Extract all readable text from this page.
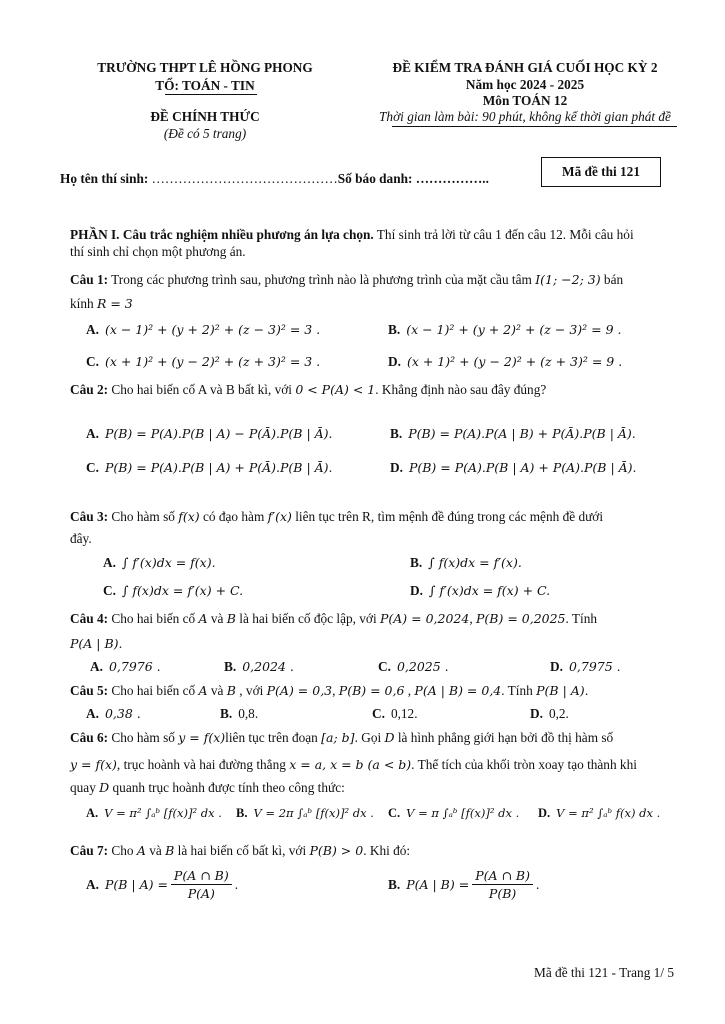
TRƯỜNG THPT LÊ HỒNG PHONG
TỔ: TOÁN - TIN
ĐỀ CHÍNH THỨC
(Đề có 5 trang)
ĐỀ KIỂM TRA ĐÁNH GIÁ CUỐI HỌC KỲ 2
Năm học 2024 - 2025
Môn TOÁN 12
Thời gian làm bài: 90 phút, không kể thời gian phát đề
Họ tên thí sinh: ……………………………………Số báo danh: ……………..	Mã đề thi 121
PHẦN I. Câu trắc nghiệm nhiều phương án lựa chọn. Thí sinh trả lời từ câu 1 đến câu 12. Mỗi câu hỏi
thí sinh chỉ chọn một phương án.
Câu 1: Trong các phương trình sau, phương trình nào là phương trình của mặt cầu tâm I(1; −2; 3) bán
kính R = 3
A. (x − 1)² + (y + 2)² + (z − 3)² = 3 .	B. (x − 1)² + (y + 2)² + (z − 3)² = 9 .
C. (x + 1)² + (y − 2)² + (z + 3)² = 3 .	D. (x + 1)² + (y − 2)² + (z + 3)² = 9 .
Câu 2: Cho hai biến cố A và B bất kì, với 0 < P(A) < 1. Khẳng định nào sau đây đúng?
A. P(B) = P(A).P(B | A) − P(Ā).P(B | Ā).	B. P(B) = P(A).P(A | B) + P(Ā).P(B | Ā).
C. P(B) = P(A).P(B | A) + P(Ā).P(B | Ā).	D. P(B) = P(A).P(B | A) + P(A).P(B | Ā).
Câu 3: Cho hàm số f(x) có đạo hàm f′(x) liên tục trên R, tìm mệnh đề đúng trong các mệnh đề dưới
đây.
A. ∫ f′(x)dx = f(x).	B. ∫ f(x)dx = f′(x).
C. ∫ f(x)dx = f′(x) + C.	D. ∫ f′(x)dx = f(x) + C.
Câu 4: Cho hai biến cố A và B là hai biến cố độc lập, với P(A) = 0,2024, P(B) = 0,2025. Tính
P(A | B).
A. 0,7976 .	B. 0,2024 .	C. 0,2025 .	D. 0,7975 .
Câu 5: Cho hai biến cố A và B , với P(A) = 0,3, P(B) = 0,6 , P(A | B) = 0,4. Tính P(B | A).
A. 0,38 .	B. 0,8.	C. 0,12.	D. 0,2.
Câu 6: Cho hàm số y = f(x)liên tục trên đoạn [a; b]. Gọi D là hình phẳng giới hạn bởi đồ thị hàm số
y = f(x), trục hoành và hai đường thẳng x = a, x = b (a < b). Thể tích của khối tròn xoay tạo thành khi
quay D quanh trục hoành được tính theo công thức:
A. V = π² ∫ₐᵇ [f(x)]² dx . B. V = 2π ∫ₐᵇ [f(x)]² dx . C. V = π ∫ₐᵇ [f(x)]² dx . D. V = π² ∫ₐᵇ f(x) dx .
Câu 7: Cho A và B là hai biến cố bất kì, với P(B) > 0. Khi đó:
A. P(B | $A) = \frac{P(A \cap B)}{P(A)}$ .	B. P(A | $B) = \frac{P(A \cap B)}{P(B)}$ .
Mã đề thi 121 - Trang 1/ 5
